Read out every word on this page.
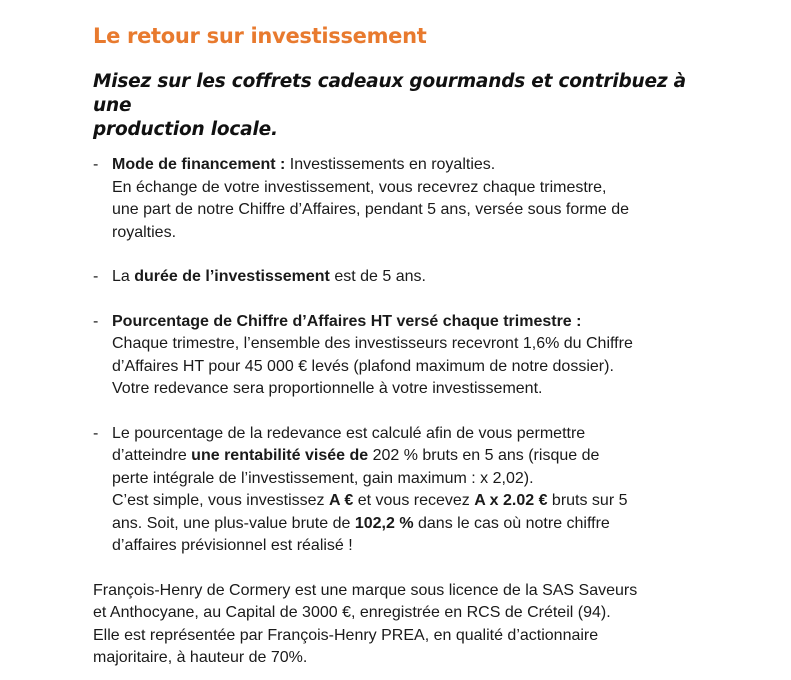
Le retour sur investissement

Misez sur les coffrets cadeaux gourmands et contribuez à une
production locale.

- Mode de financement : Investissements en royalties.
En échange de votre investissement, vous recevrez chaque trimestre,
une part de notre Chiffre d’Affaires, pendant 5 ans, versée sous forme de
royalties.
- La durée de l’investissement est de 5 ans.
- Pourcentage de Chiffre d’Affaires HT versé chaque trimestre :
Chaque trimestre, l’ensemble des investisseurs recevront 1,6% du Chiffre
d’Affaires HT pour 45 000 € levés (plafond maximum de notre dossier).
Votre redevance sera proportionnelle à votre investissement.
- Le pourcentage de la redevance est calculé afin de vous permettre
d’atteindre une rentabilité visée de 202 % bruts en 5 ans (risque de
perte intégrale de l’investissement, gain maximum : x 2,02).
C’est simple, vous investissez A € et vous recevez A x 2.02 € bruts sur 5
ans. Soit, une plus-value brute de 102,2 % dans le cas où notre chiffre
d’affaires prévisionnel est réalisé !

François-Henry de Cormery est une marque sous licence de la SAS Saveurs
et Anthocyane, au Capital de 3000 €, enregistrée en RCS de Créteil (94).
Elle est représentée par François-Henry PREA, en qualité d’actionnaire
majoritaire, à hauteur de 70%.
